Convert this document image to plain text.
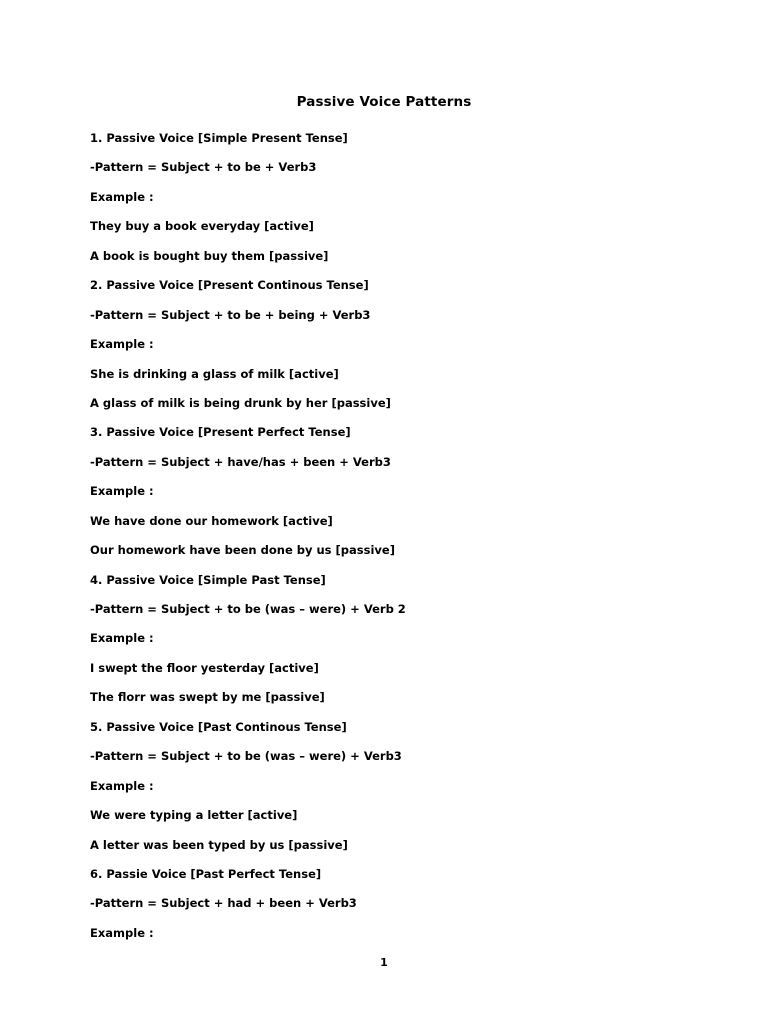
Passive Voice Patterns
1. Passive Voice [Simple Present Tense]
-Pattern = Subject + to be + Verb3
Example :
They buy a book everyday [active]
A book is bought buy them [passive]
2. Passive Voice [Present Continous Tense]
-Pattern = Subject + to be + being + Verb3
Example :
She is drinking a glass of milk [active]
A glass of milk is being drunk by her [passive]
3. Passive Voice [Present Perfect Tense]
-Pattern = Subject + have/has + been + Verb3
Example :
We have done our homework [active]
Our homework have been done by us [passive]
4. Passive Voice [Simple Past Tense]
-Pattern = Subject + to be (was – were) + Verb 2
Example :
I swept the floor yesterday [active]
The florr was swept by me [passive]
5. Passive Voice [Past Continous Tense]
-Pattern = Subject + to be (was – were) + Verb3
Example :
We were typing a letter [active]
A letter was been typed by us [passive]
6. Passie Voice [Past Perfect Tense]
-Pattern = Subject + had + been + Verb3
Example :
1
